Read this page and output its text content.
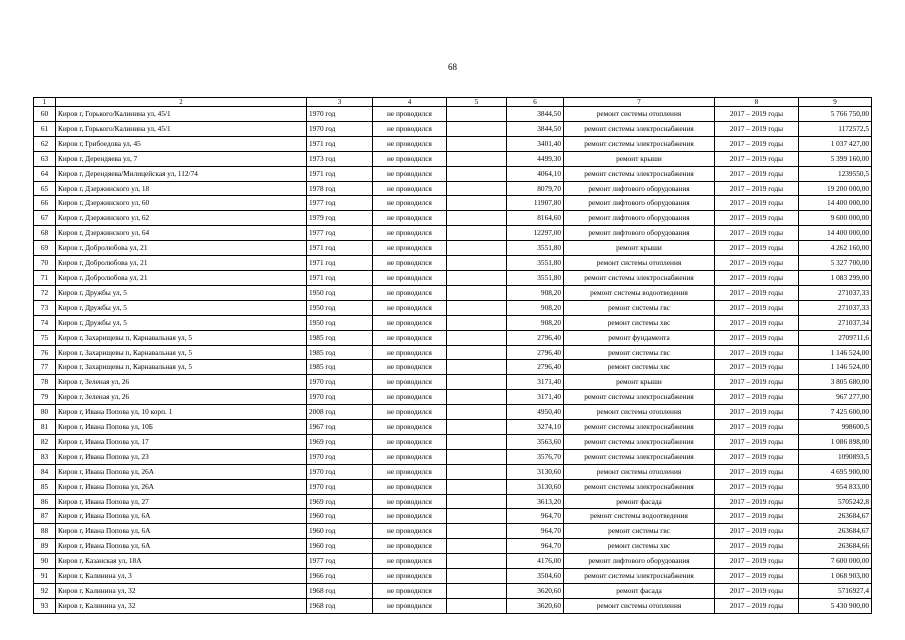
68
1	2	3	4	5	6	7	8	9
60	Киров г, Горького/Калинина ул, 45/1	1970 год	не проводился		3844,50	ремонт системы отопления	2017 – 2019 годы	5 766 750,00
61	Киров г, Горького/Калинина ул, 45/1	1970 год	не проводился		3844,50	ремонт системы электроснабжения	2017 – 2019 годы	1172572,5
62	Киров г, Грибоедова ул, 45	1971 год	не проводился		3401,40	ремонт системы электроснабжения	2017 – 2019 годы	1 037 427,00
63	Киров г, Дерендяева ул, 7	1973 год	не проводился		4499,30	ремонт крыши	2017 – 2019 годы	5 399 160,00
64	Киров г, Дерендяева/Милицейская ул, 112/74	1971 год	не проводился		4064,10	ремонт системы электроснабжения	2017 – 2019 годы	1239550,5
65	Киров г, Дзержинского ул, 18	1978 год	не проводился		8079,70	ремонт лифтового оборудования	2017 – 2019 годы	19 200 000,00
66	Киров г, Дзержинского ул, 60	1977 год	не проводился		11907,80	ремонт лифтового оборудования	2017 – 2019 годы	14 400 000,00
67	Киров г, Дзержинского ул, 62	1979 год	не проводился		8164,60	ремонт лифтового оборудования	2017 – 2019 годы	9 600 000,00
68	Киров г, Дзержинского ул, 64	1977 год	не проводился		12297,00	ремонт лифтового оборудования	2017 – 2019 годы	14 400 000,00
69	Киров г, Добролюбова ул, 21	1971 год	не проводился		3551,80	ремонт крыши	2017 – 2019 годы	4 262 160,00
70	Киров г, Добролюбова ул, 21	1971 год	не проводился		3551,80	ремонт системы отопления	2017 – 2019 годы	5 327 700,00
71	Киров г, Добролюбова ул, 21	1971 год	не проводился		3551,80	ремонт системы электроснабжения	2017 – 2019 годы	1 083 299,00
72	Киров г, Дружбы ул, 5	1950 год	не проводился		908,20	ремонт системы водоотведения	2017 – 2019 годы	271037,33
73	Киров г, Дружбы ул, 5	1950 год	не проводился		908,20	ремонт системы гвс	2017 – 2019 годы	271037,33
74	Киров г, Дружбы ул, 5	1950 год	не проводился		908,20	ремонт системы хвс	2017 – 2019 годы	271037,34
75	Киров г, Захарищевы п, Карнавальная ул, 5	1985 год	не проводился		2796,40	ремонт фундамента	2017 – 2019 годы	2709711,6
76	Киров г, Захарищевы п, Карнавальная ул, 5	1985 год	не проводился		2796,40	ремонт системы гвс	2017 – 2019 годы	1 146 524,00
77	Киров г, Захарищевы п, Карнавальная ул, 5	1985 год	не проводился		2796,40	ремонт системы хвс	2017 – 2019 годы	1 146 524,00
78	Киров г, Зеленая ул, 26	1970 год	не проводился		3171,40	ремонт крыши	2017 – 2019 годы	3 805 680,00
79	Киров г, Зеленая ул, 26	1970 год	не проводился		3171,40	ремонт системы электроснабжения	2017 – 2019 годы	967 277,00
80	Киров г, Ивана Попова ул, 10 корп. 1	2008 год	не проводился		4950,40	ремонт системы отопления	2017 – 2019 годы	7 425 600,00
81	Киров г, Ивана Попова ул, 10Б	1967 год	не проводился		3274,10	ремонт системы электроснабжения	2017 – 2019 годы	998600,5
82	Киров г, Ивана Попова ул, 17	1969 год	не проводился		3563,60	ремонт системы электроснабжения	2017 – 2019 годы	1 086 898,00
83	Киров г, Ивана Попова ул, 23	1970 год	не проводился		3576,70	ремонт системы электроснабжения	2017 – 2019 годы	1090893,5
84	Киров г, Ивана Попова ул, 26А	1970 год	не проводился		3130,60	ремонт системы отопления	2017 – 2019 годы	4 695 900,00
85	Киров г, Ивана Попова ул, 26А	1970 год	не проводился		3130,60	ремонт системы электроснабжения	2017 – 2019 годы	954 833,00
86	Киров г, Ивана Попова ул, 27	1969 год	не проводился		3613,20	ремонт фасада	2017 – 2019 годы	5705242,8
87	Киров г, Ивана Попова ул, 6А	1960 год	не проводился		964,70	ремонт системы водоотведения	2017 – 2019 годы	263684,67
88	Киров г, Ивана Попова ул, 6А	1960 год	не проводился		964,70	ремонт системы гвс	2017 – 2019 годы	263684,67
89	Киров г, Ивана Попова ул, 6А	1960 год	не проводился		964,70	ремонт системы хвс	2017 – 2019 годы	263684,66
90	Киров г, Казанская ул, 18А	1977 год	не проводился		4176,00	ремонт лифтового оборудования	2017 – 2019 годы	7 600 000,00
91	Киров г, Калинина ул, 3	1966 год	не проводился		3504,60	ремонт системы электроснабжения	2017 – 2019 годы	1 068 903,00
92	Киров г, Калинина ул, 32	1968 год	не проводился		3620,60	ремонт фасада	2017 – 2019 годы	5716927,4
93	Киров г, Калинина ул, 32	1968 год	не проводился		3620,60	ремонт системы отопления	2017 – 2019 годы	5 430 900,00
